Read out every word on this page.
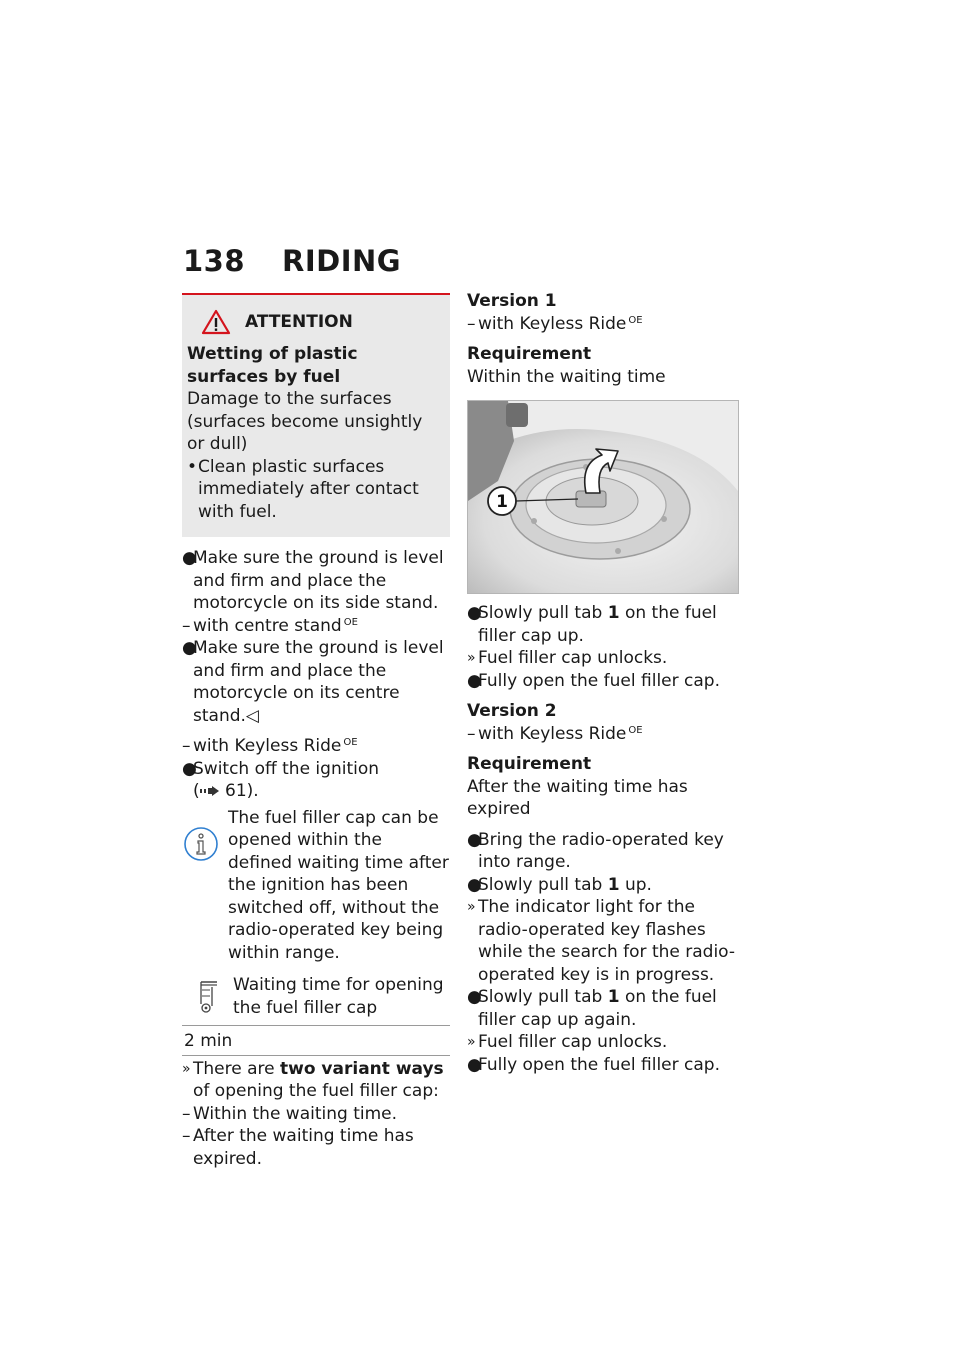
138 RIDING
ATTENTION
Wetting of plastic surfaces by fuel
Damage to the surfaces (surfaces become unsightly or dull)
• Clean plastic surfaces immediately after contact with fuel.
●
Make sure the ground is level and firm and place the motorcycle on its side stand.
– with centre stand $^{OE}$
●
Make sure the ground is level and firm and place the motorcycle on its centre stand.◁
– with Keyless Ride $^{OE}$
●
Switch off the ignition
( 61).
The fuel filler cap can be opened within the defined waiting time after the ignition has been switched off, without the radio-operated key being within range.
Waiting time for opening the fuel filler cap
2 min
» There are two variant ways of opening the fuel filler cap:
– Within the waiting time.
– After the waiting time has expired.
Version 1
– with Keyless Ride $^{OE}$
Requirement
Within the waiting time
1
●
Slowly pull tab 1 on the fuel filler cap up.
» Fuel filler cap unlocks.
●
Fully open the fuel filler cap.
Version 2
– with Keyless Ride $^{OE}$
Requirement
After the waiting time has expired
●
Bring the radio-operated key into range.
●
Slowly pull tab 1 up.
» The indicator light for the radio-operated key flashes while the search for the radio-operated key is in progress.
●
Slowly pull tab 1 on the fuel filler cap up again.
» Fuel filler cap unlocks.
●
Fully open the fuel filler cap.
